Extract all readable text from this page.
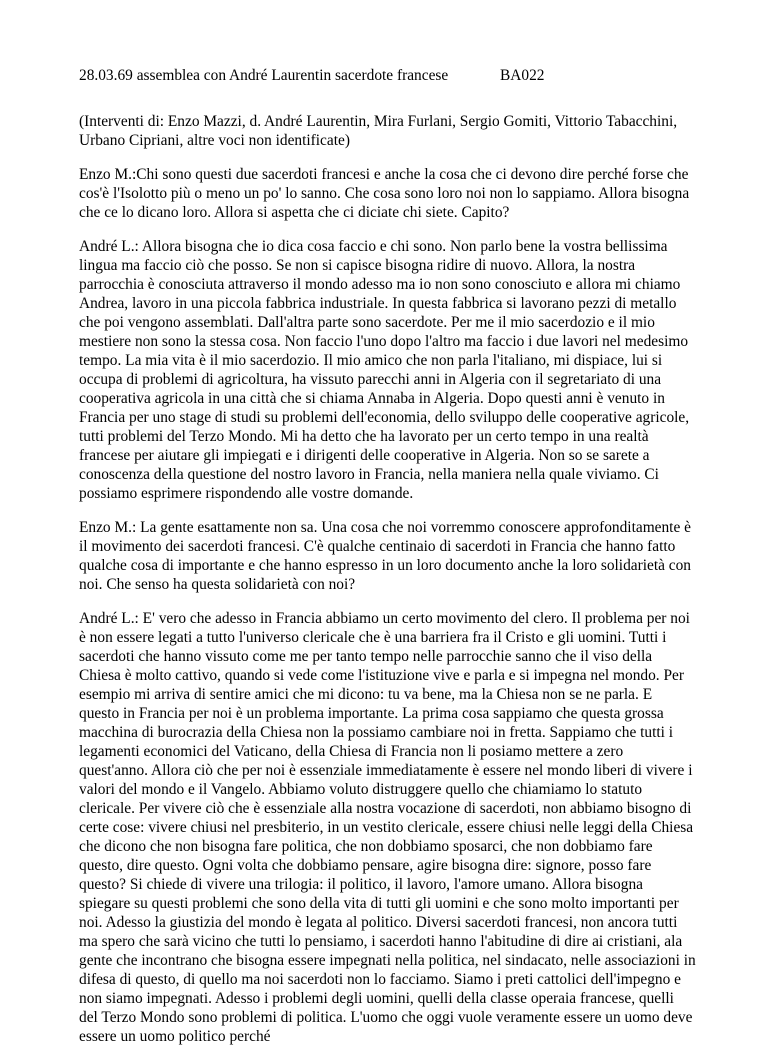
28.03.69 assemblea con André Laurentin sacerdote francese	BA022

(Interventi di: Enzo Mazzi, d. André Laurentin, Mira Furlani, Sergio Gomiti, Vittorio Tabacchini, Urbano Cipriani, altre voci non identificate)

Enzo M.:Chi sono questi due sacerdoti francesi e anche la cosa che ci devono dire perché forse che cos'è l'Isolotto più o meno un po' lo sanno. Che cosa sono loro noi non lo sappiamo. Allora bisogna che ce lo dicano loro. Allora si aspetta che ci diciate chi siete. Capito?

André L.: Allora bisogna che io dica cosa faccio e chi sono. Non parlo bene la vostra bellissima lingua ma faccio ciò che posso. Se non si capisce bisogna ridire di nuovo. Allora, la nostra parrocchia è conosciuta attraverso il mondo adesso ma io non sono conosciuto e allora mi chiamo Andrea, lavoro in una piccola fabbrica industriale. In questa fabbrica si lavorano pezzi di metallo che poi vengono assemblati. Dall'altra parte sono sacerdote. Per me il mio sacerdozio e il mio mestiere non sono la stessa cosa. Non faccio l'uno dopo l'altro ma faccio i due lavori nel medesimo tempo. La mia vita è il mio sacerdozio. Il mio amico che non parla l'italiano, mi dispiace, lui si occupa di problemi di agricoltura, ha vissuto parecchi anni in Algeria con il segretariato di una cooperativa agricola in una città che si chiama Annaba in Algeria. Dopo questi anni è venuto in Francia per uno stage di studi su problemi dell'economia, dello sviluppo delle cooperative agricole, tutti problemi del Terzo Mondo. Mi ha detto che ha lavorato per un certo tempo in una realtà francese per aiutare gli impiegati e i dirigenti delle cooperative in Algeria. Non so se sarete a conoscenza della questione del nostro lavoro in Francia, nella maniera nella quale viviamo. Ci possiamo esprimere rispondendo alle vostre domande.

Enzo M.: La gente esattamente non sa. Una cosa che noi vorremmo conoscere approfonditamente è il movimento dei sacerdoti francesi. C'è qualche centinaio di sacerdoti in Francia che hanno fatto qualche cosa di importante e che hanno espresso in un loro documento anche la loro solidarietà con noi. Che senso ha questa solidarietà con noi?

André L.: E' vero che adesso in Francia abbiamo un certo movimento del clero. Il problema per noi è non essere legati a tutto l'universo clericale che è una barriera fra il Cristo e gli uomini. Tutti i sacerdoti che hanno vissuto come me per tanto tempo nelle parrocchie sanno che il viso della Chiesa è molto cattivo, quando si vede come l'istituzione vive e parla e si impegna nel mondo. Per esempio mi arriva di sentire amici che mi dicono: tu va bene, ma la Chiesa non se ne parla. E questo in Francia per noi è un problema importante. La prima cosa sappiamo che questa grossa macchina di burocrazia della Chiesa non la possiamo cambiare noi in fretta. Sappiamo che tutti i legamenti economici del Vaticano, della Chiesa di Francia non li posiamo mettere a zero quest'anno. Allora ciò che per noi è essenziale immediatamente è essere nel mondo liberi di vivere i valori del mondo e il Vangelo. Abbiamo voluto distruggere quello che chiamiamo lo statuto clericale. Per vivere ciò che è essenziale alla nostra vocazione di sacerdoti, non abbiamo bisogno di certe cose: vivere chiusi nel presbiterio, in un vestito clericale, essere chiusi nelle leggi della Chiesa che dicono che non bisogna fare politica, che non dobbiamo sposarci, che non dobbiamo fare questo, dire questo. Ogni volta che dobbiamo pensare, agire bisogna dire: signore, posso fare questo? Si chiede di vivere una trilogia: il politico, il lavoro, l'amore umano. Allora bisogna spiegare su questi problemi che sono della vita di tutti gli uomini e che sono molto importanti per noi. Adesso la giustizia del mondo è legata al politico. Diversi sacerdoti francesi, non ancora tutti ma spero che sarà vicino che tutti lo pensiamo, i sacerdoti hanno l'abitudine di dire ai cristiani, ala gente che incontrano che bisogna essere impegnati nella politica, nel sindacato, nelle associazioni in difesa di questo, di quello ma noi sacerdoti non lo facciamo. Siamo i preti cattolici dell'impegno e non siamo impegnati. Adesso i problemi degli uomini, quelli della classe operaia francese, quelli del Terzo Mondo sono problemi di politica. L'uomo che oggi vuole veramente essere un uomo deve essere un uomo politico perché
